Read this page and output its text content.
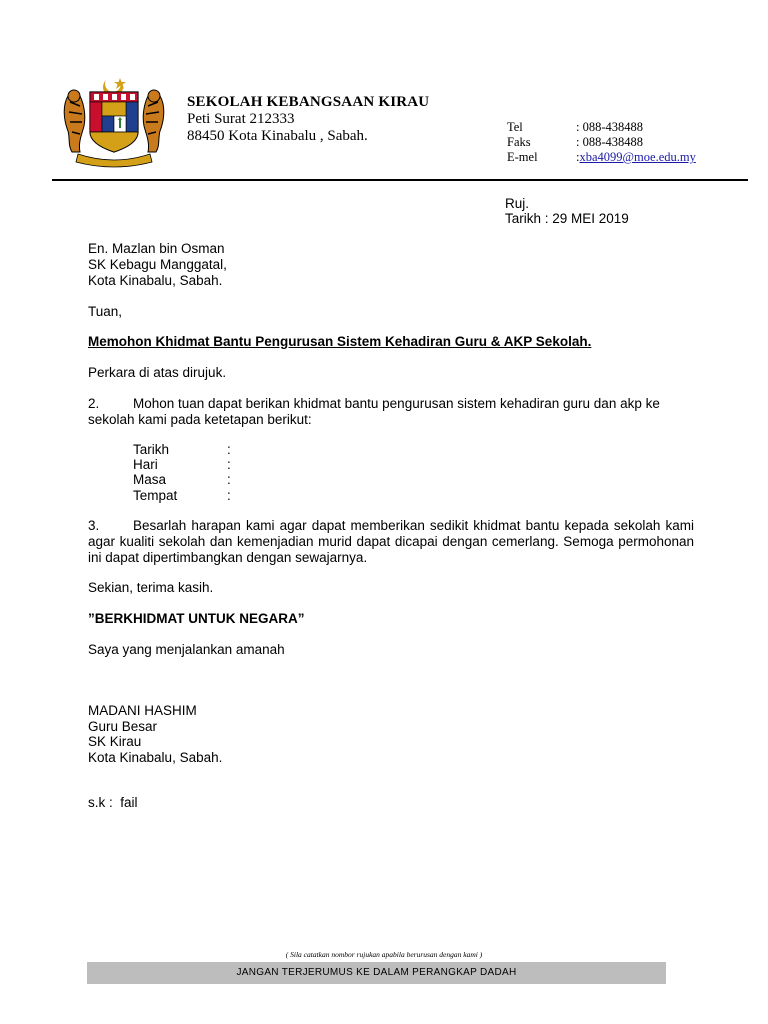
SEKOLAH KEBANGSAAN KIRAU
Peti Surat 212333
88450 Kota Kinabalu , Sabah.
Tel	: 088-438488
Faks	: 088-438488
E-mel	:xba4099@moe.edu.my
Ruj.
Tarikh : 29 MEI 2019
En. Mazlan bin Osman
SK Kebagu Manggatal,
Kota Kinabalu, Sabah.
Tuan,
Memohon Khidmat Bantu Pengurusan Sistem Kehadiran Guru & AKP Sekolah.
Perkara di atas dirujuk.
2. Mohon tuan dapat berikan khidmat bantu pengurusan sistem kehadiran guru dan akp ke
sekolah kami pada ketetapan berikut:
Tarikh	:
Hari	:
Masa	:
Tempat	:
3. Besarlah harapan kami agar dapat memberikan sedikit khidmat bantu kepada sekolah kami agar kualiti sekolah dan kemenjadian murid dapat dicapai dengan cemerlang. Semoga permohonan ini dapat dipertimbangkan dengan sewajarnya.
Sekian, terima kasih.
”BERKHIDMAT UNTUK NEGARA”
Saya yang menjalankan amanah
MADANI HASHIM
Guru Besar
SK Kirau
Kota Kinabalu, Sabah.
s.k :  fail
( Sila catatkan nombor rujukan apabila berurusan dengan kami )
JANGAN TERJERUMUS KE DALAM PERANGKAP DADAH
